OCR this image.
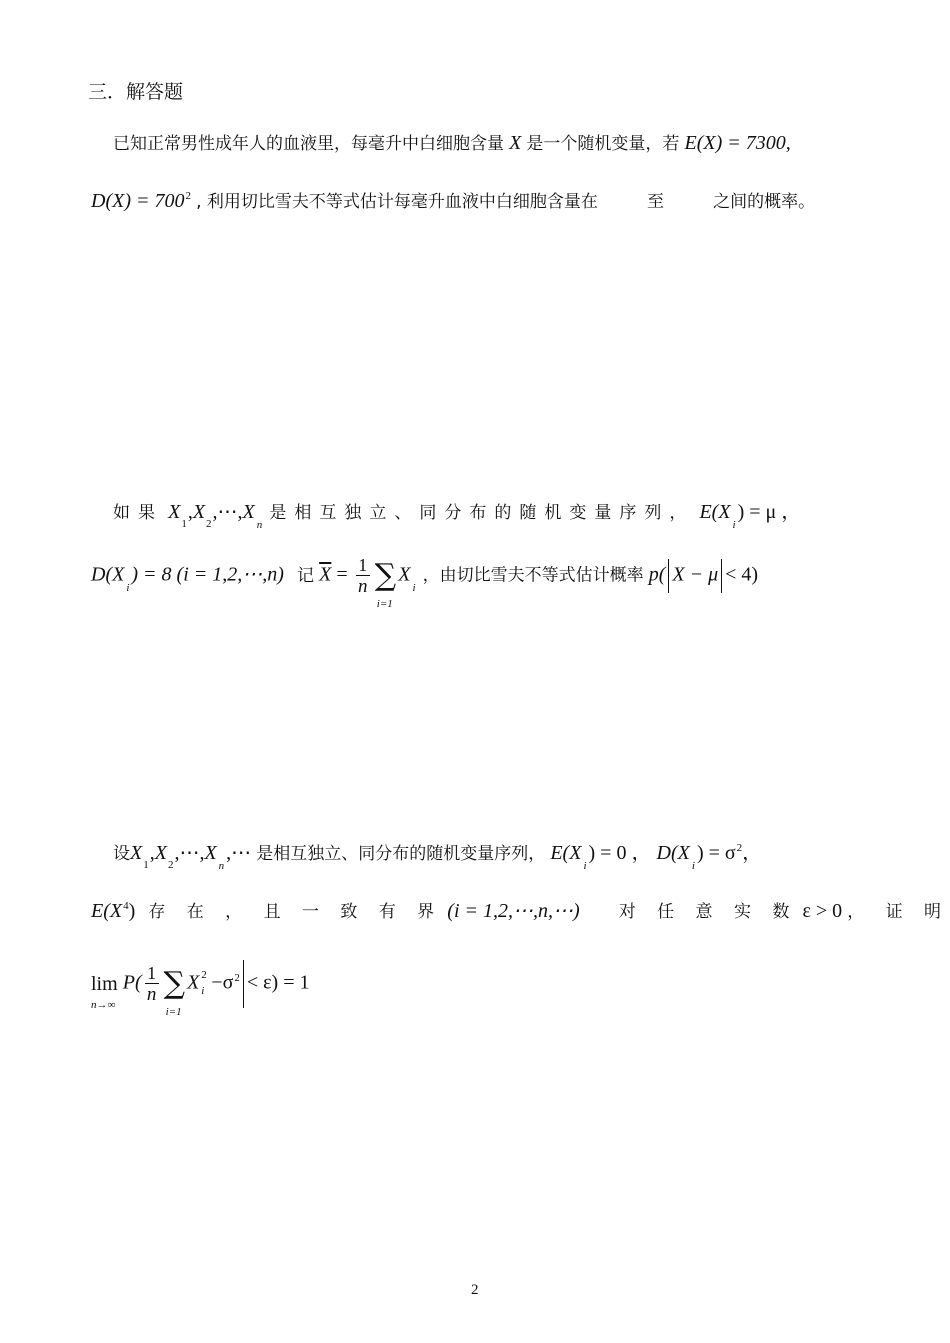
三．解答题
已知正常男性成年人的血液里，每毫升中白细胞含量 X 是一个随机变量，若 E(X) = 7300,
$D(X) = 700^2$ , 利用切比雪夫不等式估计每毫升血液中白细胞含量在	至	之间的概率。
如果 $X_1,X_2,\cdots,X_n$ 是相互独立、同分布的随机变量序列， $E(X_i) = \mu$ ，
$D(X_i) = 8$ (i = 1,2,⋯,n) 记 $\overline{X} = \frac{1}{n}$ ∑
i=1
$X_i$ ，由切比雪夫不等式估计概率 p( X − μ < 4)
设$X_1,X_2,\cdots,X_n,\cdots$ 是相互独立、同分布的随机变量序列， $E(X_i) = 0$ ， $D(X_i) = \sigma^2$，
$E(X^4)$ 存 在 ， 且 一 致 有 界 (i = 1,2,⋯,n,⋯) 对 任 意 实 数 ε > 0 ， 证 明
lim
n→∞
$P( \frac{1}{n}$ ∑
i=1
X 2
$i -\sigma^2 < \varepsilon) = 1$
2
